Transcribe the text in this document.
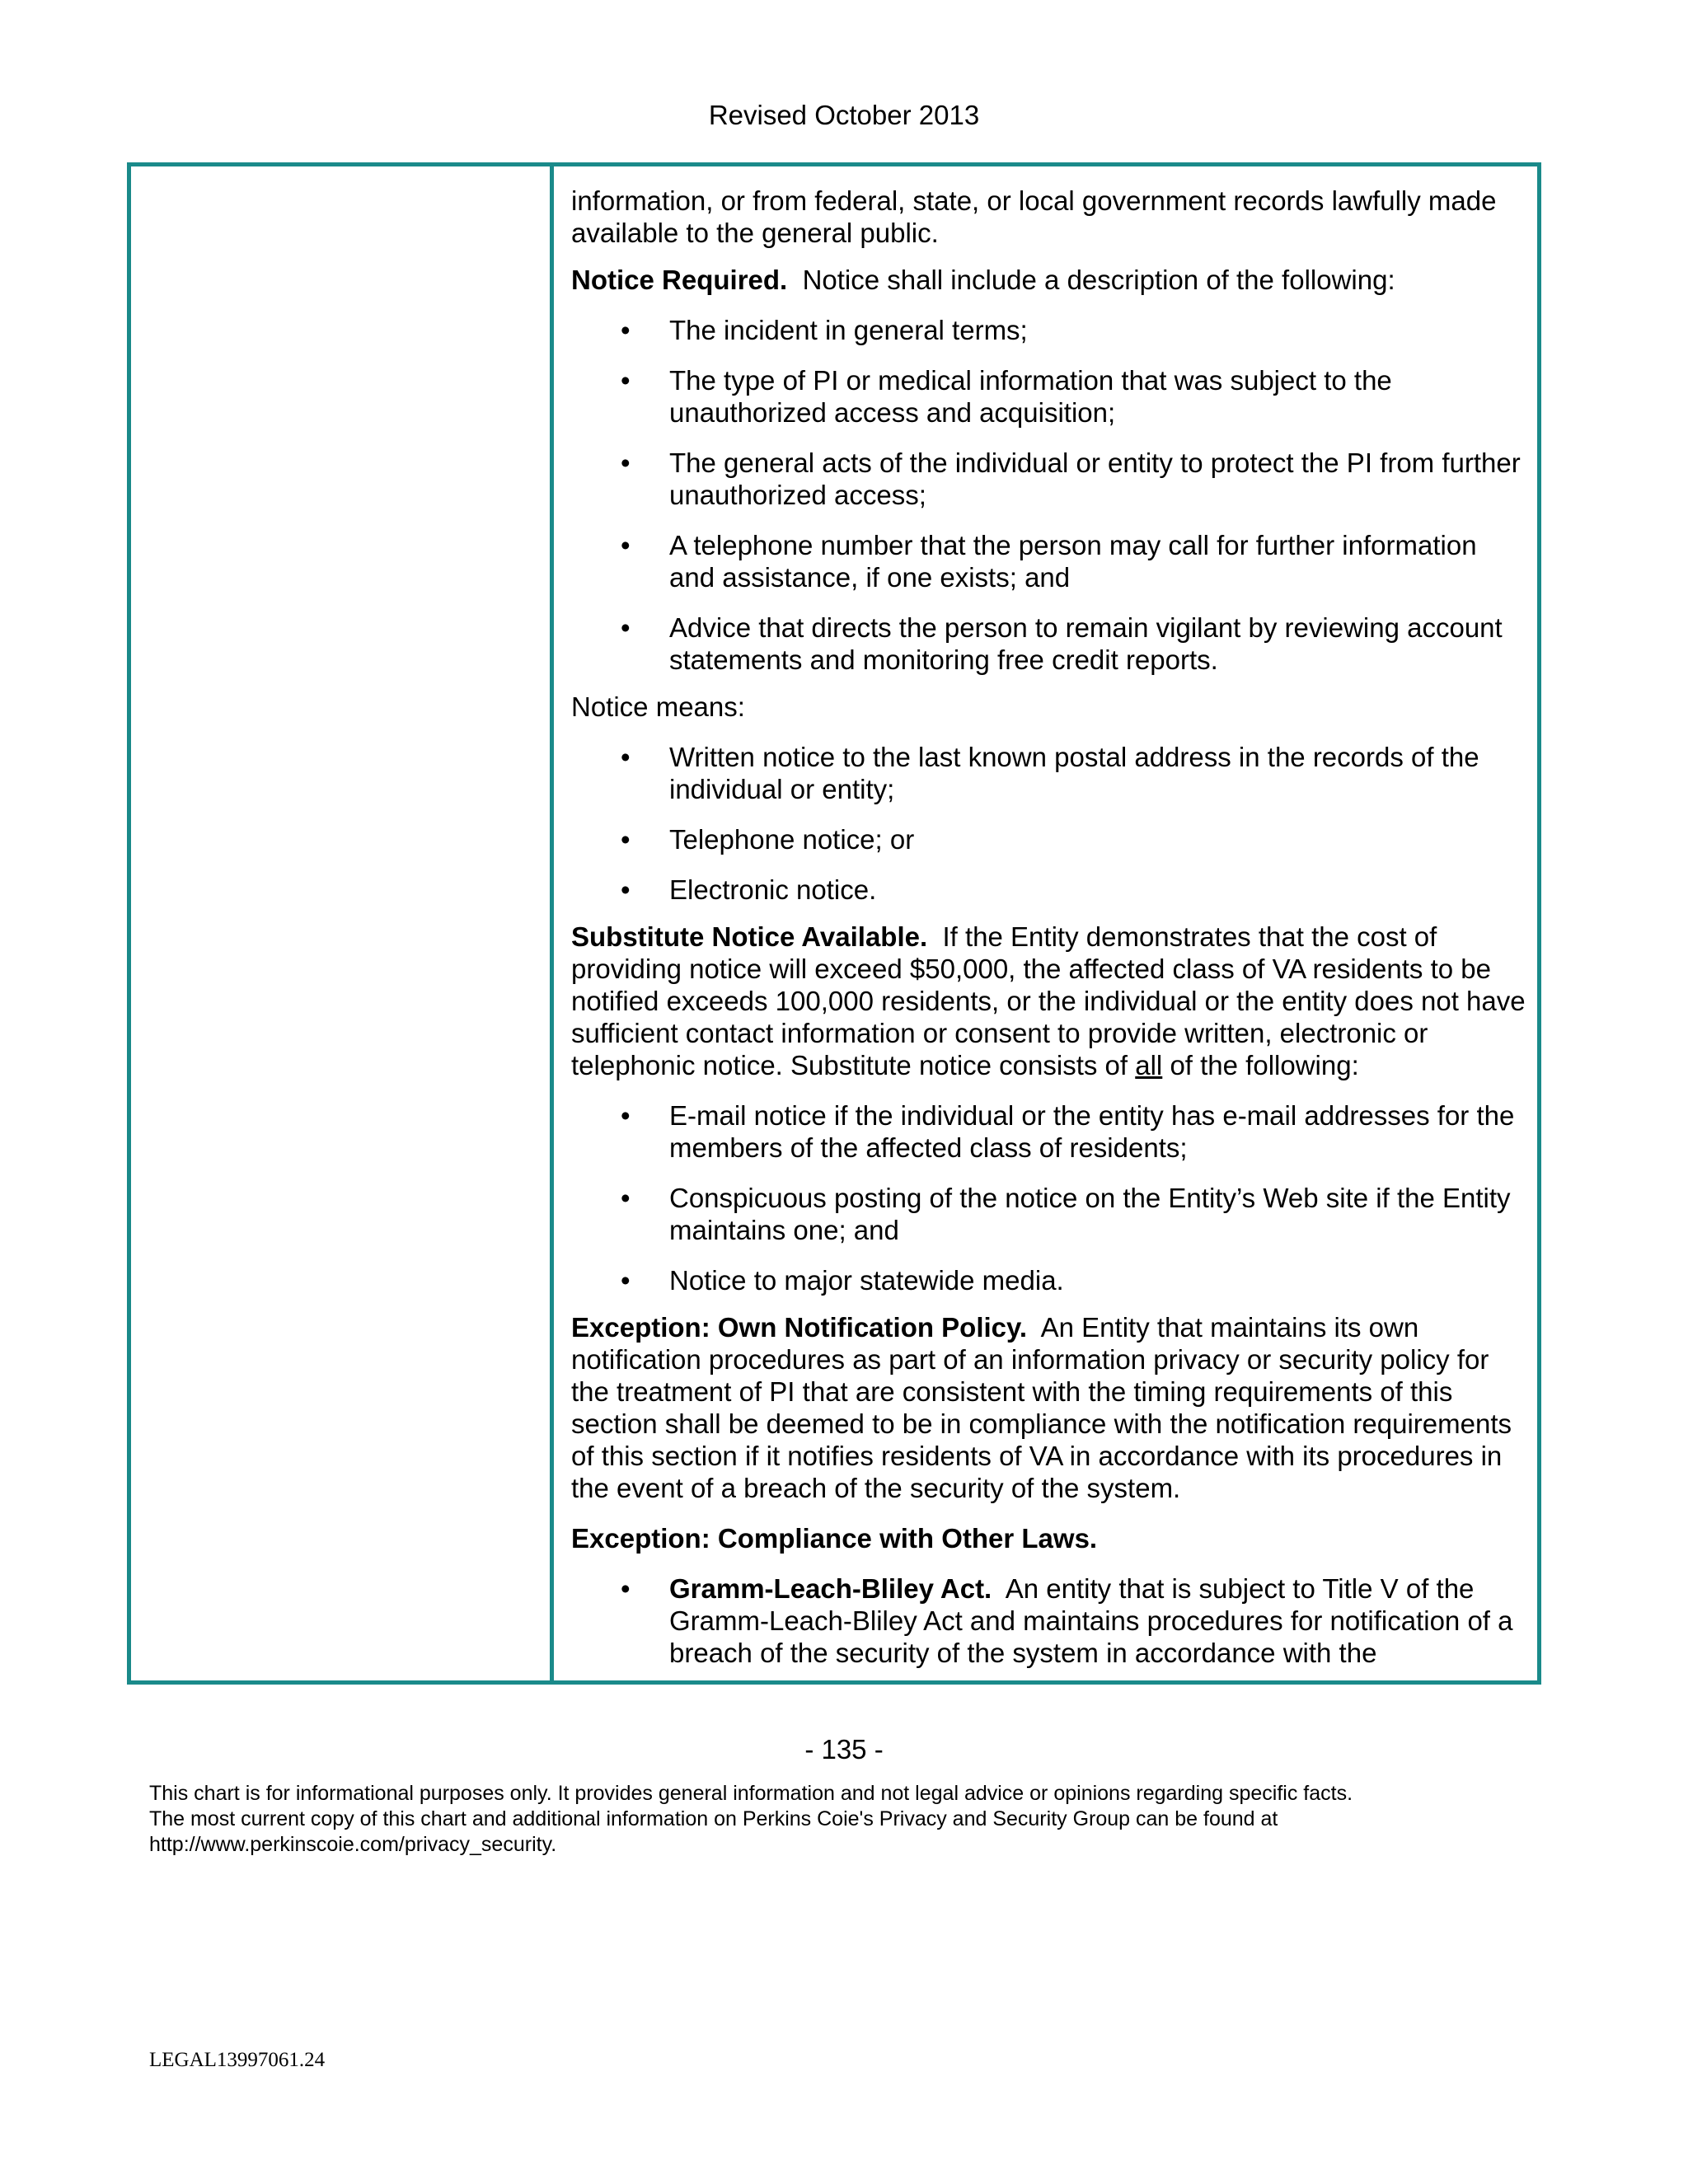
Revised October 2013

information, or from federal, state, or local government records lawfully made available to the general public.

Notice Required. Notice shall include a description of the following:

• The incident in general terms;
• The type of PI or medical information that was subject to the unauthorized access and acquisition;
• The general acts of the individual or entity to protect the PI from further unauthorized access;
• A telephone number that the person may call for further information and assistance, if one exists; and
• Advice that directs the person to remain vigilant by reviewing account statements and monitoring free credit reports.

Notice means:

• Written notice to the last known postal address in the records of the individual or entity;
• Telephone notice; or
• Electronic notice.

Substitute Notice Available. If the Entity demonstrates that the cost of providing notice will exceed $50,000, the affected class of VA residents to be notified exceeds 100,000 residents, or the individual or the entity does not have sufficient contact information or consent to provide written, electronic or telephonic notice. Substitute notice consists of all of the following:

• E-mail notice if the individual or the entity has e-mail addresses for the members of the affected class of residents;
• Conspicuous posting of the notice on the Entity’s Web site if the Entity maintains one; and
• Notice to major statewide media.

Exception: Own Notification Policy. An Entity that maintains its own notification procedures as part of an information privacy or security policy for the treatment of PI that are consistent with the timing requirements of this section shall be deemed to be in compliance with the notification requirements of this section if it notifies residents of VA in accordance with its procedures in the event of a breach of the security of the system.

Exception: Compliance with Other Laws.

• Gramm-Leach-Bliley Act. An entity that is subject to Title V of the Gramm-Leach-Bliley Act and maintains procedures for notification of a breach of the security of the system in accordance with the
- 135 -

This chart is for informational purposes only. It provides general information and not legal advice or opinions regarding specific facts.

The most current copy of this chart and additional information on Perkins Coie's Privacy and Security Group can be found at

http://www.perkinscoie.com/privacy_security.

LEGAL13997061.24
